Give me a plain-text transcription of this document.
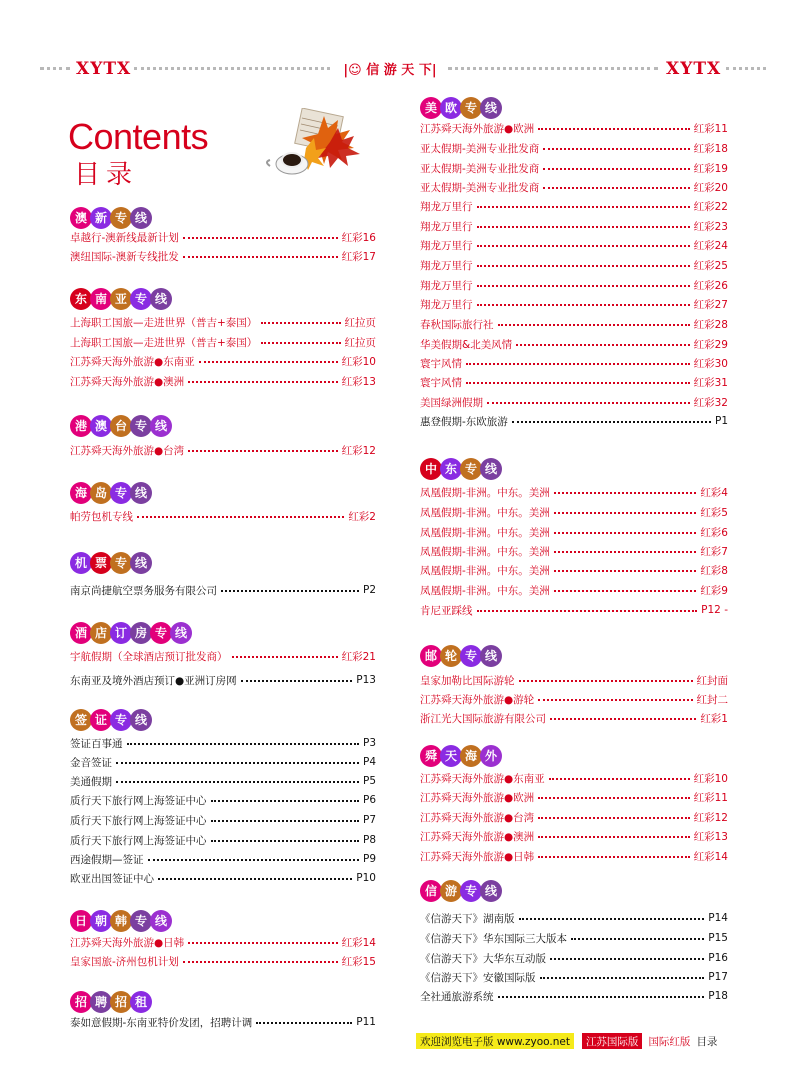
XYTX	|☺ 信 游 天 下|	XYTX
Contents
目录
澳 新 专 线
卓越行-澳新线最新计划	红彩16
澳纽国际-澳新专线批发	红彩17
东 南 亚 专 线
上海职工国旅—走进世界（普吉+泰国）	红拉页
上海职工国旅—走进世界（普吉+泰国）	红拉页
江苏舜天海外旅游●东南亚	红彩10
江苏舜天海外旅游●澳洲	红彩13
港 澳 台 专 线
江苏舜天海外旅游●台湾	红彩12
海 岛 专 线
帕劳包机专线	红彩2
机 票 专 线
南京尚捷航空票务服务有限公司	P2
酒 店 订 房 专 线
宇航假期（全球酒店预订批发商）	红彩21
东南亚及境外酒店预订●亚洲订房网	P13
签 证 专 线
签证百事通	P3
金音签证	P4
美通假期	P5
质行天下旅行网上海签证中心	P6
质行天下旅行网上海签证中心	P7
质行天下旅行网上海签证中心	P8
西途假期—签证	P9
欧亚出国签证中心	P10
日 朝 韩 专 线
江苏舜天海外旅游●日韩	红彩14
皇家国旅-济州包机计划	红彩15
招 聘 招 租
泰如意假期-东南亚特价发团，招聘计调	P11
美 欧 专 线
江苏舜天海外旅游●欧洲	红彩11
亚太假期-美洲专业批发商	红彩18
亚太假期-美洲专业批发商	红彩19
亚太假期-美洲专业批发商	红彩20
翔龙万里行	红彩22
翔龙万里行	红彩23
翔龙万里行	红彩24
翔龙万里行	红彩25
翔龙万里行	红彩26
翔龙万里行	红彩27
春秋国际旅行社	红彩28
华美假期&北美风情	红彩29
寰宇风情	红彩30
寰宇风情	红彩31
美国绿洲假期	红彩32
惠登假期-东欧旅游	P1
中 东 专 线
凤凰假期-非洲。中东。美洲	红彩4
凤凰假期-非洲。中东。美洲	红彩5
凤凰假期-非洲。中东。美洲	红彩6
凤凰假期-非洲。中东。美洲	红彩7
凤凰假期-非洲。中东。美洲	红彩8
凤凰假期-非洲。中东。美洲	红彩9
肯尼亚踩线	P12 -
邮 轮 专 线
皇家加勒比国际游轮	红封面
江苏舜天海外旅游●游轮	红封二
浙江光大国际旅游有限公司	红彩1
舜 天 海 外
江苏舜天海外旅游●东南亚	红彩10
江苏舜天海外旅游●欧洲	红彩11
江苏舜天海外旅游●台湾	红彩12
江苏舜天海外旅游●澳洲	红彩13
江苏舜天海外旅游●日韩	红彩14
信 游 专 线
《信游天下》湖南版	P14
《信游天下》华东国际三大版本	P15
《信游天下》大华东互动版	P16
《信游天下》安徽国际版	P17
全社通旅游系统	P18
欢迎浏览电子版 www.zyoo.net	江苏国际版 国际红版 目录
